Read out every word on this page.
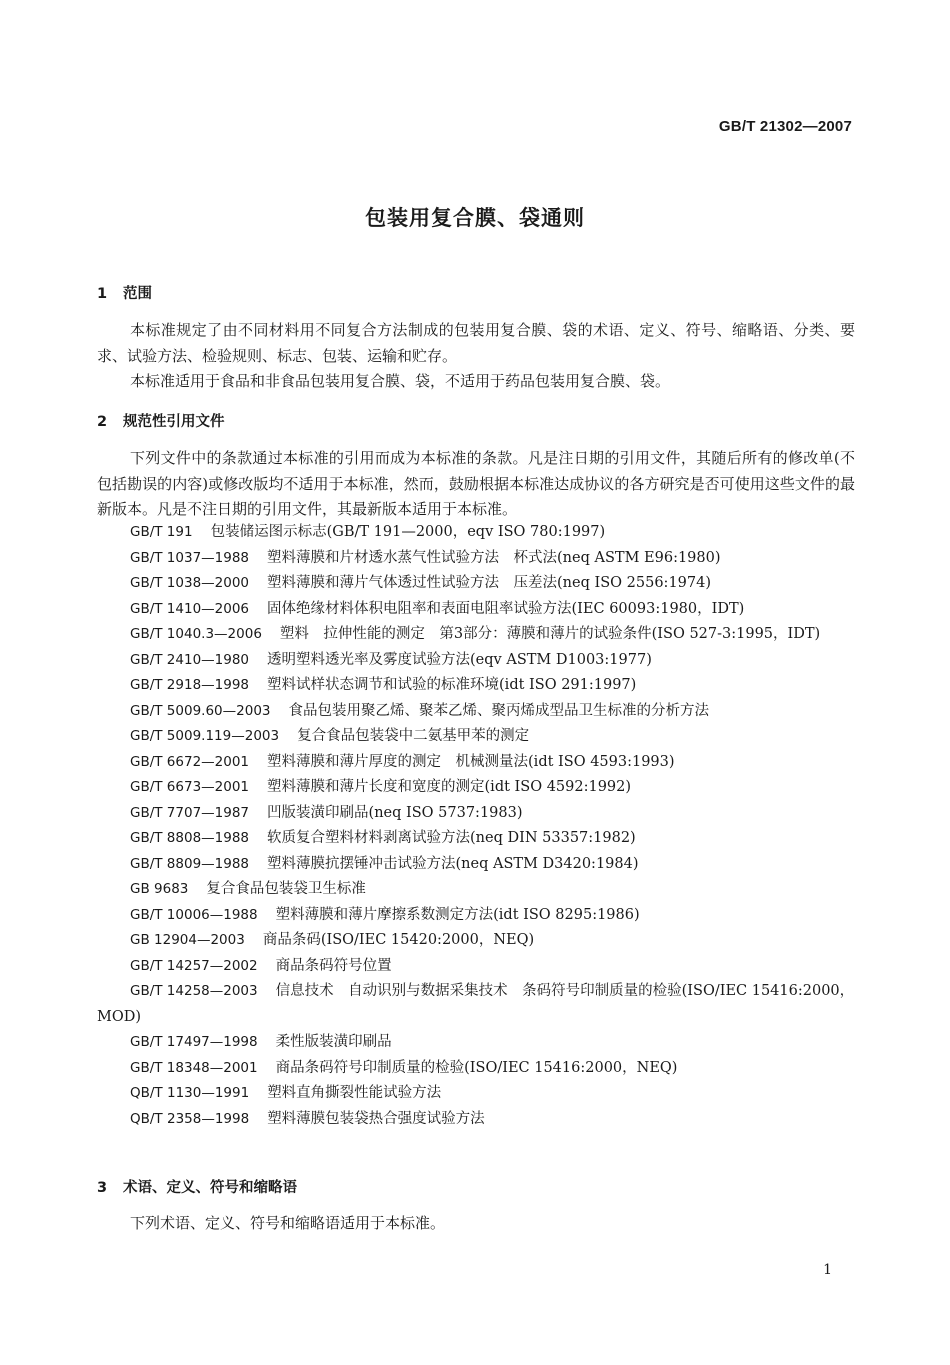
GB/T 21302—2007
包装用复合膜、袋通则
1 范围
本标准规定了由不同材料用不同复合方法制成的包装用复合膜、袋的术语、定义、符号、缩略语、分类、要求、试验方法、检验规则、标志、包装、运输和贮存。
本标准适用于食品和非食品包装用复合膜、袋，不适用于药品包装用复合膜、袋。
2 规范性引用文件
下列文件中的条款通过本标准的引用而成为本标准的条款。凡是注日期的引用文件，其随后所有的修改单(不包括勘误的内容)或修改版均不适用于本标准，然而，鼓励根据本标准达成协议的各方研究是否可使用这些文件的最新版本。凡是不注日期的引用文件，其最新版本适用于本标准。
GB/T 191 包装储运图示标志(GB/T 191—2000，eqv ISO 780:1997)
GB/T 1037—1988 塑料薄膜和片材透水蒸气性试验方法　杯式法(neq ASTM E96:1980)
GB/T 1038—2000 塑料薄膜和薄片气体透过性试验方法　压差法(neq ISO 2556:1974)
GB/T 1410—2006 固体绝缘材料体积电阻率和表面电阻率试验方法(IEC 60093:1980，IDT)
GB/T 1040.3—2006 塑料　拉伸性能的测定　第3部分：薄膜和薄片的试验条件(ISO 527-3:1995，IDT)
GB/T 2410—1980 透明塑料透光率及雾度试验方法(eqv ASTM D1003:1977)
GB/T 2918—1998 塑料试样状态调节和试验的标准环境(idt ISO 291:1997)
GB/T 5009.60—2003 食品包装用聚乙烯、聚苯乙烯、聚丙烯成型品卫生标准的分析方法
GB/T 5009.119—2003 复合食品包装袋中二氨基甲苯的测定
GB/T 6672—2001 塑料薄膜和薄片厚度的测定　机械测量法(idt ISO 4593:1993)
GB/T 6673—2001 塑料薄膜和薄片长度和宽度的测定(idt ISO 4592:1992)
GB/T 7707—1987 凹版装潢印刷品(neq ISO 5737:1983)
GB/T 8808—1988 软质复合塑料材料剥离试验方法(neq DIN 53357:1982)
GB/T 8809—1988 塑料薄膜抗摆锤冲击试验方法(neq ASTM D3420:1984)
GB 9683 复合食品包装袋卫生标准
GB/T 10006—1988 塑料薄膜和薄片摩擦系数测定方法(idt ISO 8295:1986)
GB 12904—2003 商品条码(ISO/IEC 15420:2000，NEQ)
GB/T 14257—2002 商品条码符号位置
GB/T 14258—2003 信息技术　自动识别与数据采集技术　条码符号印制质量的检验(ISO/IEC 15416:2000，MOD)
GB/T 17497—1998 柔性版装潢印刷品
GB/T 18348—2001 商品条码符号印制质量的检验(ISO/IEC 15416:2000，NEQ)
QB/T 1130—1991 塑料直角撕裂性能试验方法
QB/T 2358—1998 塑料薄膜包装袋热合强度试验方法
3 术语、定义、符号和缩略语
下列术语、定义、符号和缩略语适用于本标准。
1
